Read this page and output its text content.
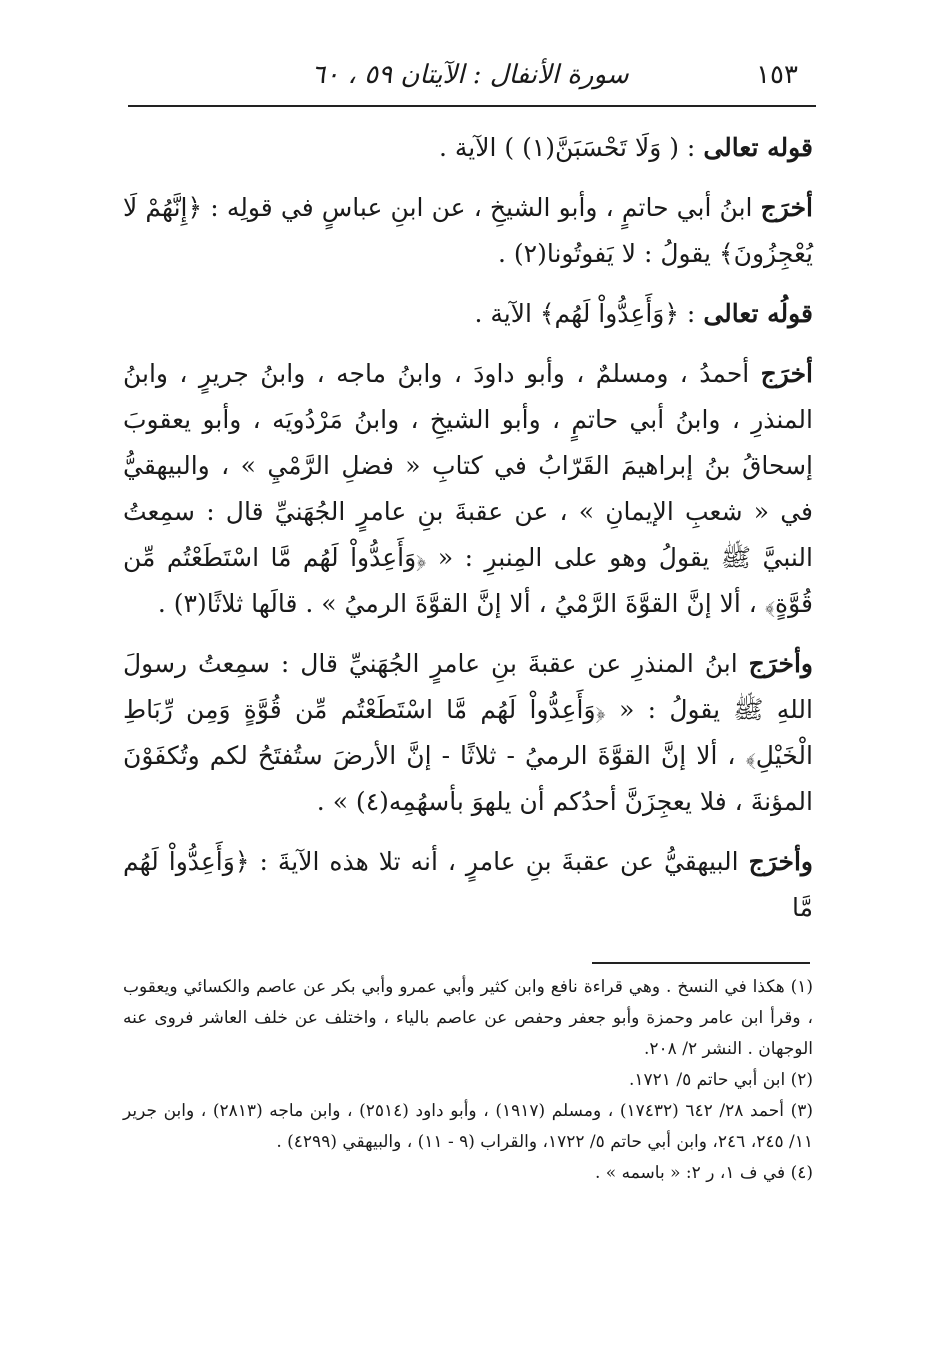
سورة الأنفال : الآيتان ٥٩ ، ٦٠	١٥٣

قوله تعالى : ( وَلَا تَحْسَبَنَّ(١) ) الآية .

أخرَج ابنُ أبي حاتمٍ ، وأبو الشيخِ ، عن ابنِ عباسٍ في قولِه : ﴿إِنَّهُمْ لَا يُعْجِزُونَ﴾ يقولُ : لا يَفوتُونا(٢) .

قولُه تعالى : ﴿وَأَعِدُّواْ لَهُم﴾ الآية .

أخرَج أحمدُ ، ومسلمٌ ، وأبو داودَ ، وابنُ ماجه ، وابنُ جريرٍ ، وابنُ المنذرِ ، وابنُ أبي حاتمٍ ، وأبو الشيخِ ، وابنُ مَرْدُويَه ، وأبو يعقوبَ إسحاقُ بنُ إبراهيمَ القَرّابُ في كتابِ « فضلِ الرَّمْيِ » ، والبيهقيُّ في « شعبِ الإيمانِ » ، عن عقبةَ بنِ عامرٍ الجُهَنيِّ قال : سمِعتُ النبيَّ ﷺ يقولُ وهو على المِنبرِ : « ﴿وَأَعِدُّواْ لَهُم مَّا اسْتَطَعْتُم مِّن قُوَّةٍ﴾ ، ألا إنَّ القوَّةَ الرَّمْيُ ، ألا إنَّ القوَّةَ الرميُ » . قالَها ثلاثًا(٣) .

وأخرَج ابنُ المنذرِ عن عقبةَ بنِ عامرٍ الجُهَنيِّ قال : سمِعتُ رسولَ اللهِ ﷺ يقولُ : « ﴿وَأَعِدُّواْ لَهُم مَّا اسْتَطَعْتُم مِّن قُوَّةٍ وَمِن رِّبَاطِ الْخَيْلِ﴾ ، ألا إنَّ القوَّةَ الرميُ - ثلاثًا - إنَّ الأرضَ ستُفتَحُ لكم وتُكفَوْنَ المؤنةَ ، فلا يعجِزَنَّ أحدُكم أن يلهوَ بأسهُمِه(٤) » .

وأخرَج البيهقيُّ عن عقبةَ بنِ عامرٍ ، أنه تلا هذه الآيةَ : ﴿وَأَعِدُّواْ لَهُم مَّا

(١) هكذا في النسخ . وهي قراءة نافع وابن كثير وأبي عمرو وأبي بكر عن عاصم والكسائي ويعقوب ، وقرأ ابن عامر وحمزة وأبو جعفر وحفص عن عاصم بالياء ، واختلف عن خلف العاشر فروى عنه الوجهان . النشر ٢/ ٢٠٨.

(٢) ابن أبي حاتم ٥/ ١٧٢١.

(٣) أحمد ٢٨/ ٦٤٢ (١٧٤٣٢) ، ومسلم (١٩١٧) ، وأبو داود (٢٥١٤) ، وابن ماجه (٢٨١٣) ، وابن جرير ١١/ ٢٤٥، ٢٤٦، وابن أبي حاتم ٥/ ١٧٢٢، والقراب (٩ - ١١) ، والبيهقي (٤٢٩٩) .

(٤) في ف ١، ر ٢: « باسمه » .
